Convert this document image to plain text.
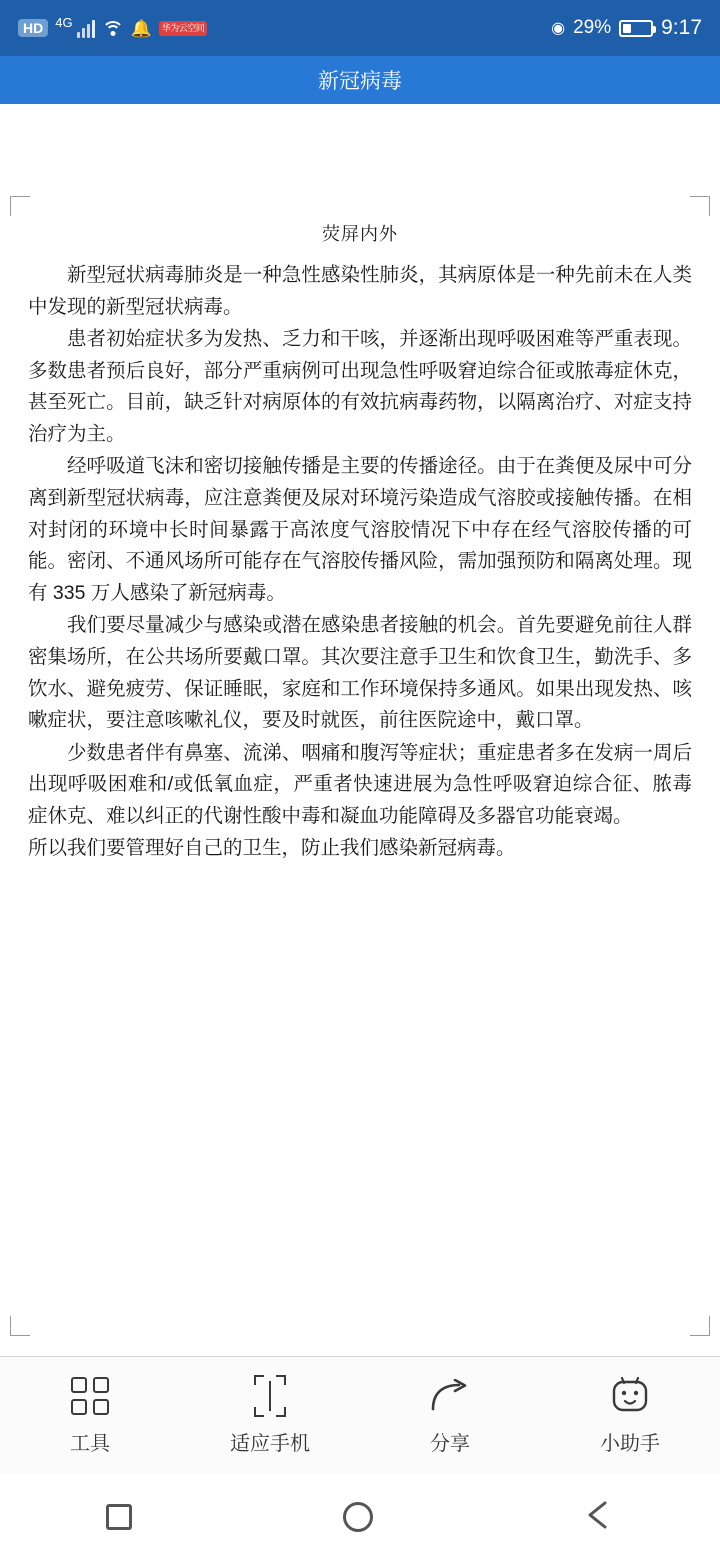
HD 4G	🔔	华为云空间	◉ 29% 9:17
新冠病毒
荧屏内外

新型冠状病毒肺炎是一种急性感染性肺炎，其病原体是一种先前未在人类中发现的新型冠状病毒。

患者初始症状多为发热、乏力和干咳，并逐渐出现呼吸困难等严重表现。多数患者预后良好，部分严重病例可出现急性呼吸窘迫综合征或脓毒症休克，甚至死亡。目前，缺乏针对病原体的有效抗病毒药物，以隔离治疗、对症支持治疗为主。

经呼吸道飞沫和密切接触传播是主要的传播途径。由于在粪便及尿中可分离到新型冠状病毒，应注意粪便及尿对环境污染造成气溶胶或接触传播。在相对封闭的环境中长时间暴露于高浓度气溶胶情况下中存在经气溶胶传播的可能。密闭、不通风场所可能存在气溶胶传播风险，需加强预防和隔离处理。现有 335 万人感染了新冠病毒。

我们要尽量减少与感染或潜在感染患者接触的机会。首先要避免前往人群密集场所，在公共场所要戴口罩。其次要注意手卫生和饮食卫生，勤洗手、多饮水、避免疲劳、保证睡眠，家庭和工作环境保持多通风。如果出现发热、咳嗽症状，要注意咳嗽礼仪，要及时就医，前往医院途中，戴口罩。

少数患者伴有鼻塞、流涕、咽痛和腹泻等症状；重症患者多在发病一周后出现呼吸困难和/或低氧血症，严重者快速进展为急性呼吸窘迫综合征、脓毒症休克、难以纠正的代谢性酸中毒和凝血功能障碍及多器官功能衰竭。

所以我们要管理好自己的卫生，防止我们感染新冠病毒。

工具	适应手机	分享	小助手
